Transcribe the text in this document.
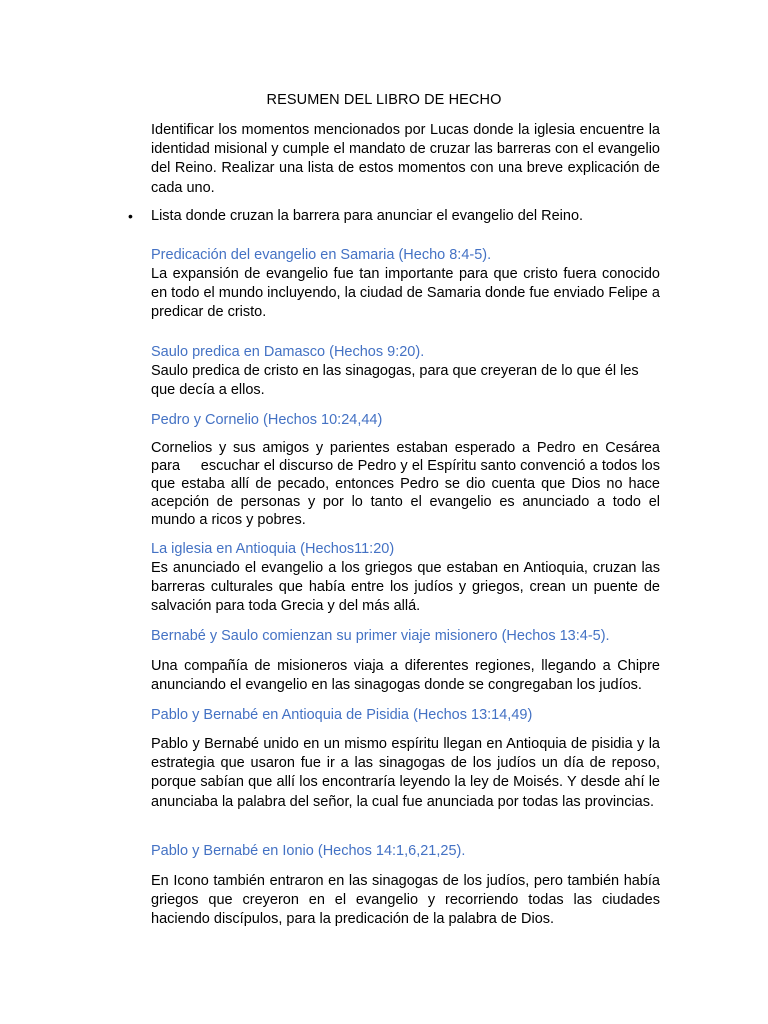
RESUMEN DEL LIBRO DE HECHO

Identificar los momentos mencionados por Lucas donde la iglesia encuentre la identidad misional y cumple el mandato de cruzar las barreras con el evangelio del Reino. Realizar una lista de estos momentos con una breve explicación de cada uno.

• Lista donde cruzan la barrera para anunciar el evangelio del Reino.

Predicación del evangelio en Samaria (Hecho 8:4-5).

La expansión de evangelio fue tan importante para que cristo fuera conocido en todo el mundo incluyendo, la ciudad de Samaria donde fue enviado Felipe a predicar de cristo.

Saulo predica en Damasco (Hechos 9:20).

Saulo predica de cristo en las sinagogas, para que creyeran de lo que él les que decía a ellos.

Pedro y Cornelio (Hechos 10:24,44)

Cornelios y sus amigos y parientes estaban esperado a Pedro en Cesárea para     escuchar el discurso de Pedro y el Espíritu santo convenció a todos los    que estaba allí de pecado, entonces Pedro se dio cuenta que Dios no hace acepción de personas y por lo tanto el evangelio es anunciado a todo el mundo a ricos y pobres.

La iglesia en Antioquia (Hechos11:20)

Es anunciado el evangelio a los griegos que estaban en Antioquia, cruzan las barreras culturales que había entre los judíos y griegos, crean un puente de salvación para toda Grecia y del más allá.

Bernabé y Saulo comienzan su primer viaje misionero (Hechos 13:4-5).

Una compañía de misioneros viaja a diferentes regiones, llegando a Chipre anunciando el evangelio en las sinagogas donde se congregaban los judíos.

Pablo y Bernabé en Antioquia de Pisidia (Hechos 13:14,49)

Pablo y Bernabé unido en un mismo espíritu llegan en Antioquia de pisidia y la estrategia que usaron fue ir a las sinagogas de los judíos un día de reposo, porque sabían que allí los encontraría leyendo la ley de Moisés. Y desde ahí le anunciaba la palabra del señor, la cual fue anunciada por todas las provincias.

Pablo y Bernabé en Ionio (Hechos 14:1,6,21,25).

En Icono también entraron en las sinagogas de los judíos, pero también había griegos que creyeron en el evangelio y recorriendo todas las ciudades haciendo discípulos, para la predicación de la palabra de Dios.
